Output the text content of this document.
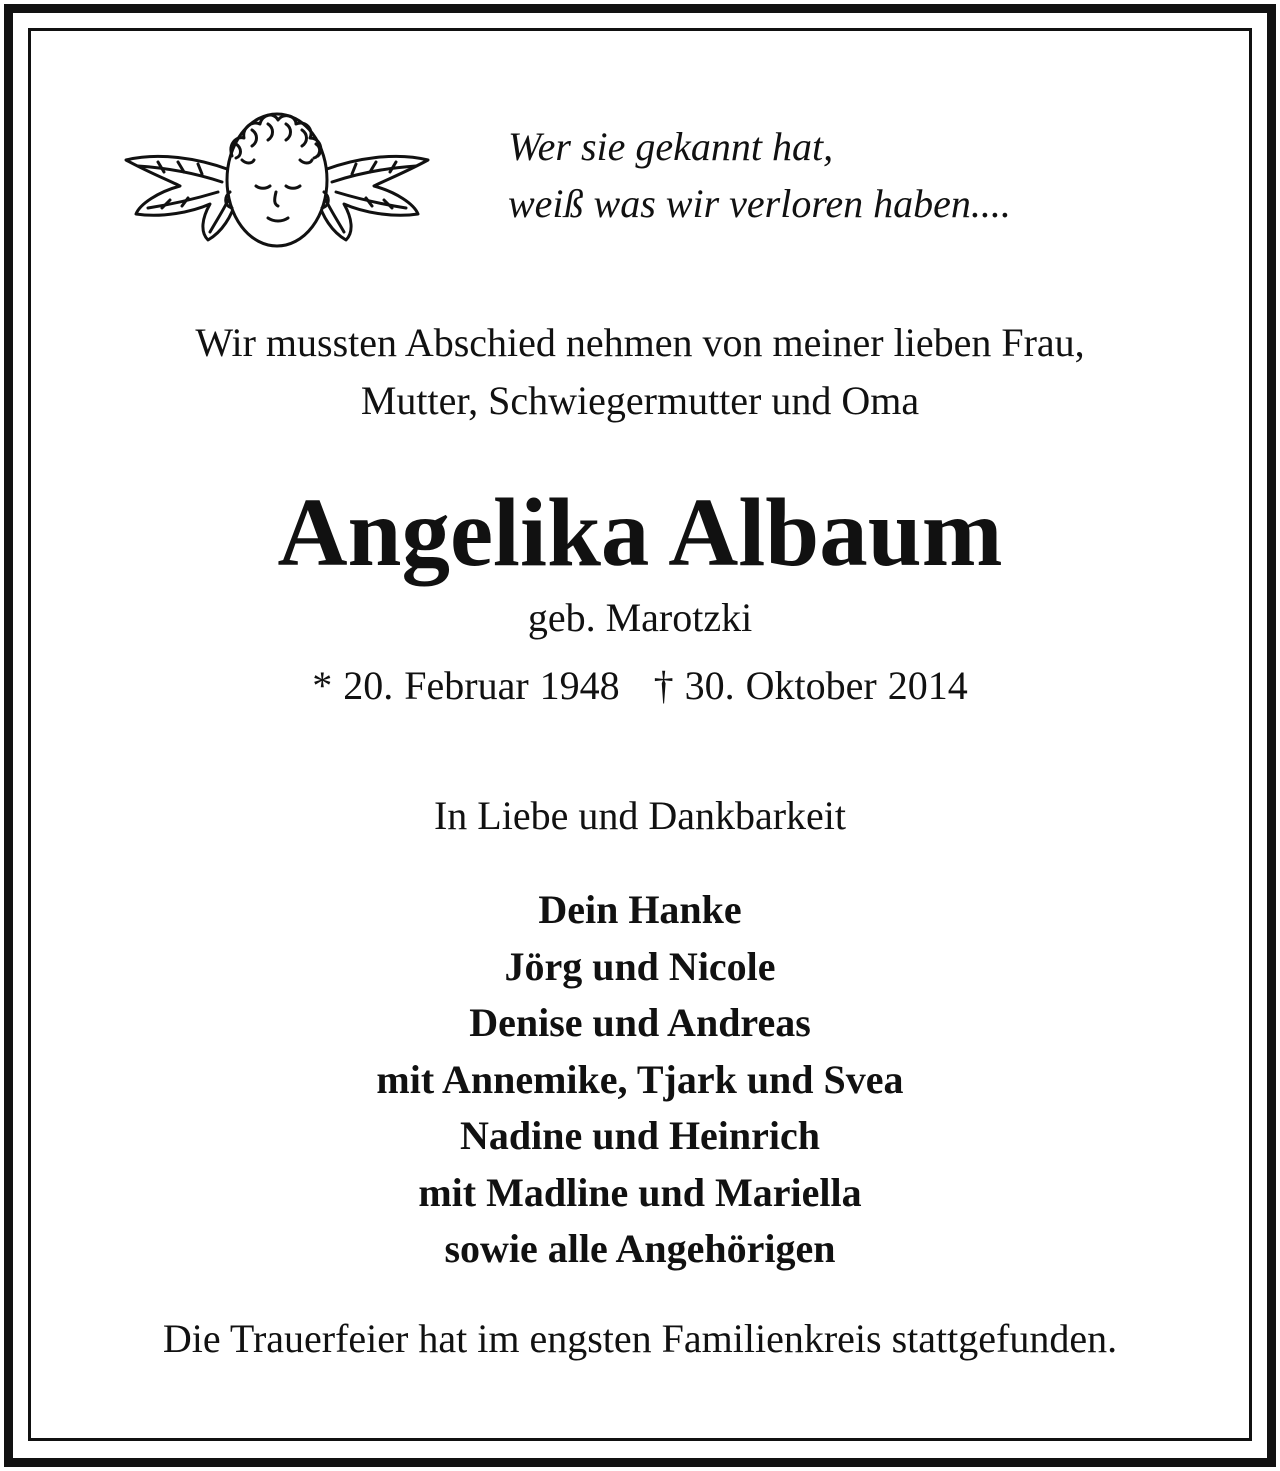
Wer sie gekannt hat,
weiß was wir verloren haben....
Wir mussten Abschied nehmen von meiner lieben Frau,
Mutter, Schwiegermutter und Oma
Angelika Albaum
geb. Marotzki
* 20. Februar 1948 † 30. Oktober 2014
In Liebe und Dankbarkeit
Dein Hanke
Jörg und Nicole
Denise und Andreas
mit Annemike, Tjark und Svea
Nadine und Heinrich
mit Madline und Mariella
sowie alle Angehörigen
Die Trauerfeier hat im engsten Familienkreis stattgefunden.
